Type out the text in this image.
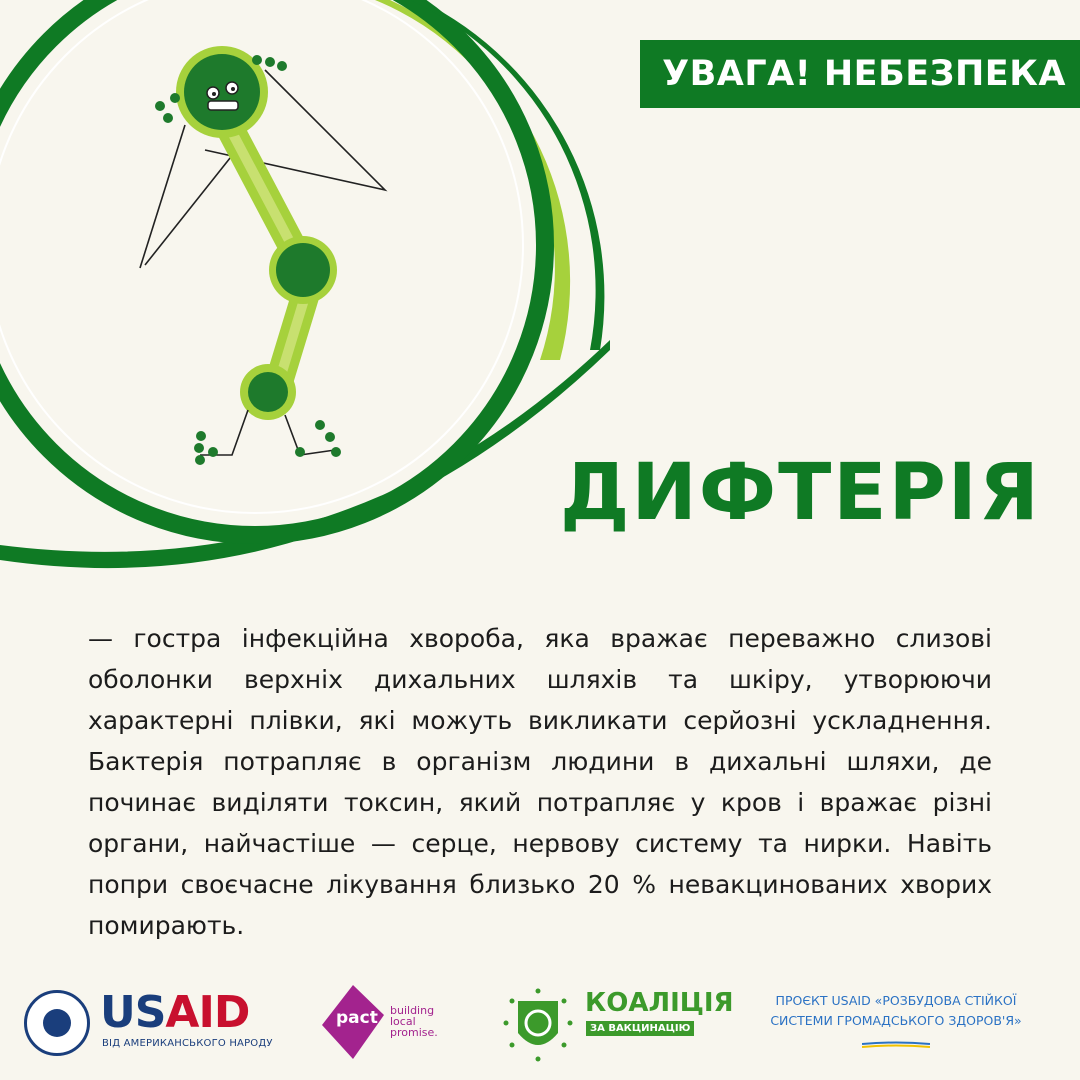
УВАГА! НЕБЕЗПЕКА
ДИФТЕРІЯ

— гостра інфекційна хвороба, яка вражає переважно слизові оболонки верхніх дихальних шляхів та шкіру, утворюючи характерні плівки, які можуть викликати серйозні ускладнення. Бактерія потрапляє в організм людини в дихальні шляхи, де починає виділяти токсин, який потрапляє у кров і вражає різні органи, найчастіше — серце, нервову систему та нирки. Навіть попри своєчасне лікування близько 20 % невакцинованих хворих помирають.

USAID
ВІД АМЕРИКАНСЬКОГО НАРОДУ
pact building local promise.
КОАЛІЦІЯ
ЗА ВАКЦИНАЦІЮ
ПРОЄКТ USAID «РОЗБУДОВА СТІЙКОЇ
СИСТЕМИ ГРОМАДСЬКОГО ЗДОРОВ'Я»
